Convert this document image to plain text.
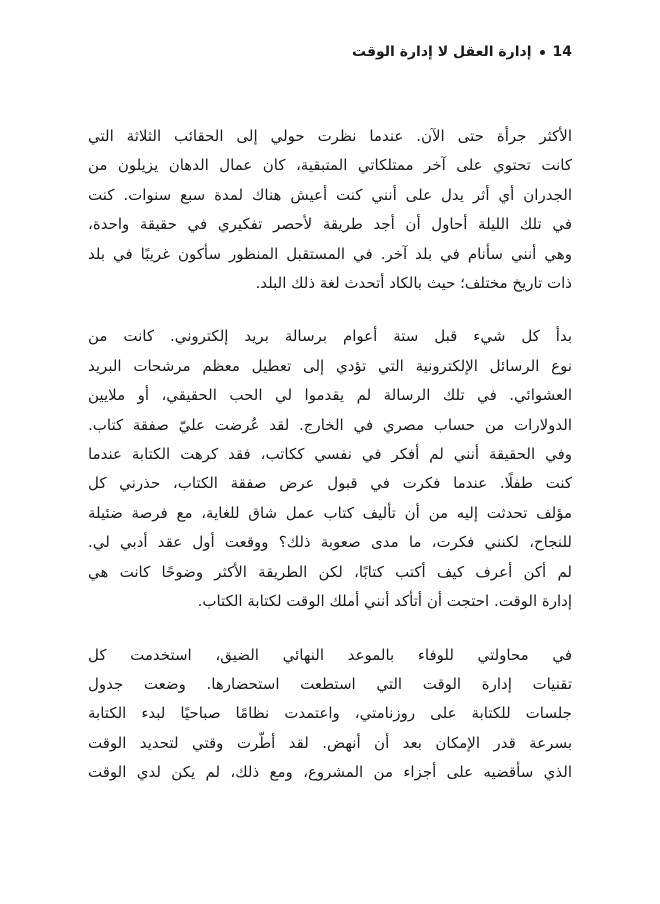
14
إدارة العقل لا إدارة الوقت

الأكثر جرأة حتى الآن. عندما نظرت حولي إلى الحقائب الثلاثة التي
كانت تحتوي على آخر ممتلكاتي المتبقية، كان عمال الدهان يزيلون من
الجدران أي أثر يدل على أنني كنت أعيش هناك لمدة سبع سنوات. كنت
في تلك الليلة أحاول أن أجد طريقة لأحصر تفكيري في حقيقة واحدة،
وهي أنني سأنام في بلد آخر. في المستقبل المنظور سأكون غريبًا في بلد
ذات تاريخ مختلف؛ حيث بالكاد أتحدث لغة ذلك البلد.

بدأ كل شيء قبل ستة أعوام برسالة بريد إلكتروني. كانت من
نوع الرسائل الإلكترونية التي تؤدي إلى تعطيل معظم مرشحات البريد
العشوائي. في تلك الرسالة لم يقدموا لي الحب الحقيقي، أو ملايين
الدولارات من حساب مصري في الخارج. لقد عُرضت عليّ صفقة كتاب.
وفي الحقيقة أنني لم أفكر في نفسي ككاتب، فقد كرهت الكتابة عندما
كنت طفلًا. عندما فكرت في قبول عرض صفقة الكتاب، حذرني كل
مؤلف تحدثت إليه من أن تأليف كتاب عمل شاق للغاية، مع فرصة ضئيلة
للنجاح، لكنني فكرت، ما مدى صعوبة ذلك؟ ووقعت أول عقد أدبي لي.
لم أكن أعرف كيف أكتب كتابًا، لكن الطريقة الأكثر وضوحًا كانت هي
إدارة الوقت. احتجت أن أتأكد أنني أملك الوقت لكتابة الكتاب.

في محاولتي للوفاء بالموعد النهائي الضيق، استخدمت كل
تقنيات إدارة الوقت التي استطعت استحضارها. وضعت جدول
جلسات للكتابة على روزنامتي، واعتمدت نظامًا صباحيًا لبدء الكتابة
بسرعة قدر الإمكان بعد أن أنهض. لقد أطّرت وقتي لتحديد الوقت
الذي سأقضيه على أجزاء من المشروع، ومع ذلك، لم يكن لدي الوقت
